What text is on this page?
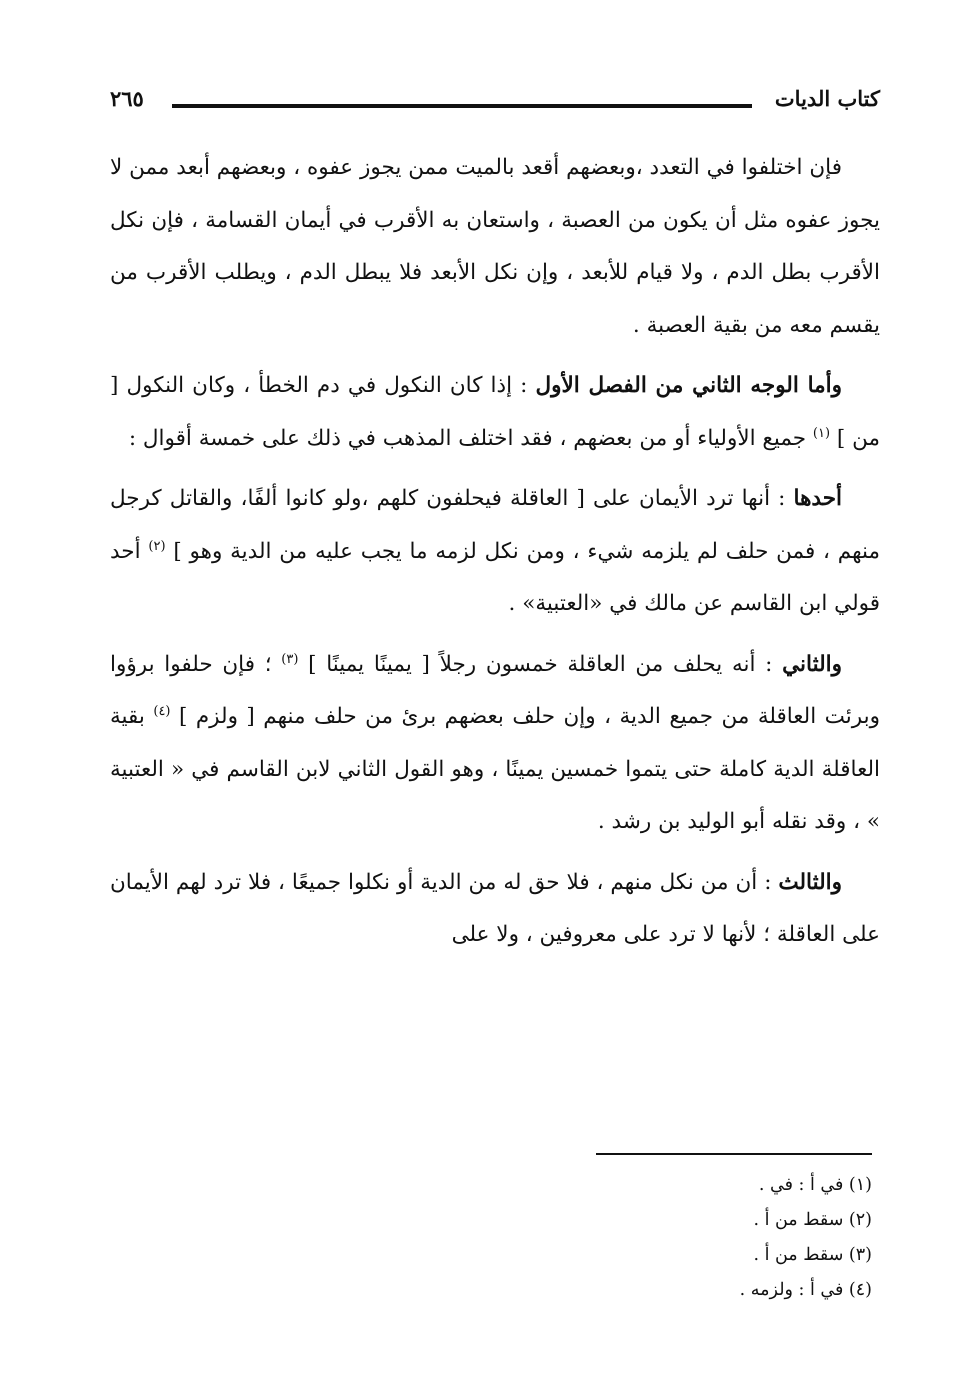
كتاب الديات
٢٦٥

فإن اختلفوا في التعدد ،وبعضهم أقعد بالميت ممن يجوز عفوه ، وبعضهم أبعد ممن لا يجوز عفوه مثل أن يكون من العصبة ، واستعان به الأقرب في أيمان القسامة ، فإن نكل الأقرب بطل الدم ، ولا قيام للأبعد ، وإن نكل الأبعد فلا يبطل الدم ، ويطلب الأقرب من يقسم معه من بقية العصبة .

وأما الوجه الثاني من الفصل الأول : إذا كان النكول في دم الخطأ ، وكان النكول [ من ] $^{(١)}$ جميع الأولياء أو من بعضهم ، فقد اختلف المذهب في ذلك على خمسة أقوال :

أحدها : أنها ترد الأيمان على [ العاقلة فيحلفون كلهم ،ولو كانوا ألفًا، والقاتل كرجل منهم ، فمن حلف لم يلزمه شيء ، ومن نكل لزمه ما يجب عليه من الدية وهو ] $^{(٢)}$ أحد قولي ابن القاسم عن مالك في «العتبية» .

والثاني : أنه يحلف من العاقلة خمسون رجلاً [ يمينًا يمينًا ] $^{(٣)}$ ؛ فإن حلفوا برؤوا وبرئت العاقلة من جميع الدية ، وإن حلف بعضهم برئ من حلف منهم [ ولزم ] $^{(٤)}$ بقية العاقلة الدية كاملة حتى يتموا خمسين يمينًا ، وهو القول الثاني لابن القاسم في « العتبية » ، وقد نقله أبو الوليد بن رشد .

والثالث : أن من نكل منهم ، فلا حق له من الدية أو نكلوا جميعًا ، فلا ترد لهم الأيمان على العاقلة ؛ لأنها لا ترد على معروفين ، ولا على

(١) في أ : في .
(٢) سقط من أ .
(٣) سقط من أ .
(٤) في أ : ولزمه .
